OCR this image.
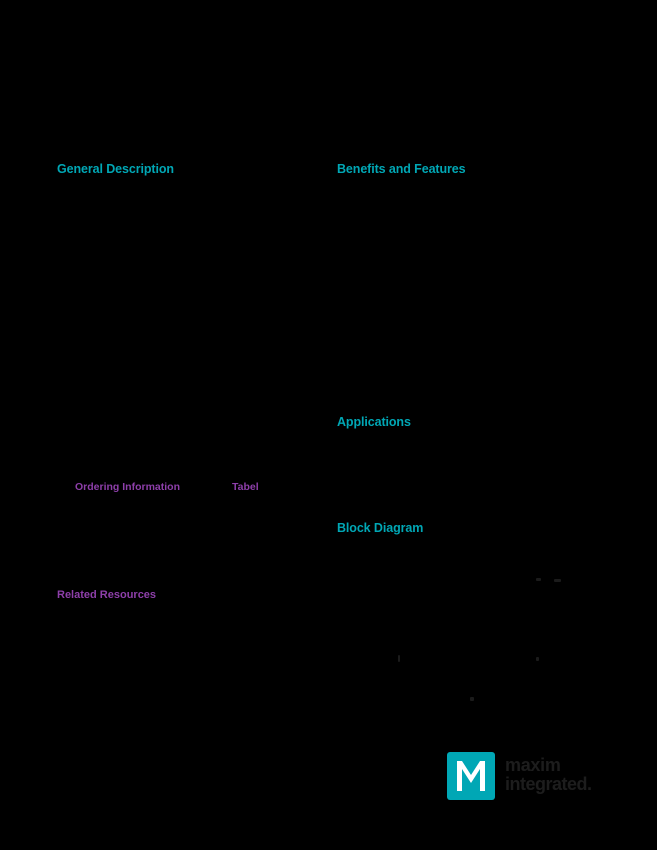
General Description	Benefits and Features
Applications
Block Diagram
Ordering Information	Tabel
Related Resources
maxim
integrated.
